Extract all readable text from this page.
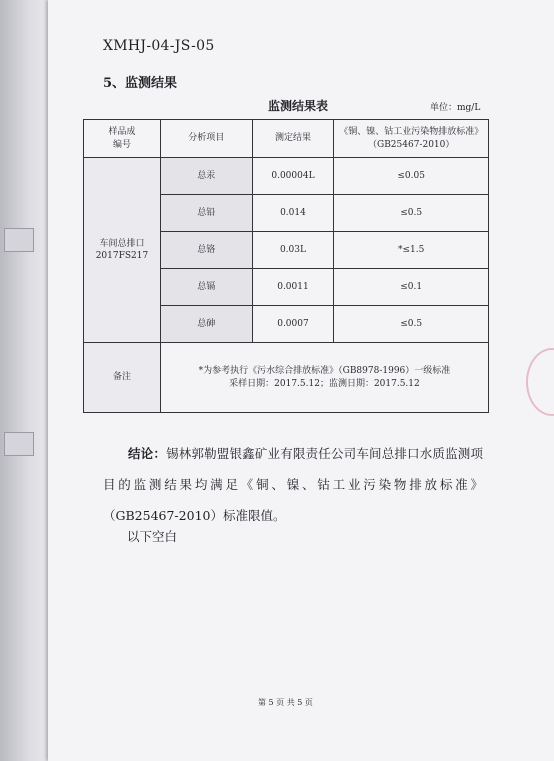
XMHJ-04-JS-05
5、监测结果
监测结果表	单位：mg/L
样品成
编号	分析项目	测定结果	《铜、镍、钴工业污染物排放标准》
（GB25467-2010）
车间总排口
2017FS217	总汞	0.00004L	≤0.05
	总铅	0.014	≤0.5
	总铬	0.03L	*≤1.5
	总镉	0.0011	≤0.1
	总砷	0.0007	≤0.5
备注	*为参考执行《污水综合排放标准》（GB8978-1996）一级标准
采样日期：2017.5.12；监测日期：2017.5.12		
结论：锡林郭勒盟银鑫矿业有限责任公司车间总排口水质监测项目的监测结果均满足《铜、镍、钴工业污染物排放标准》（GB25467-2010）标准限值。
以下空白
第 5 页 共 5 页
